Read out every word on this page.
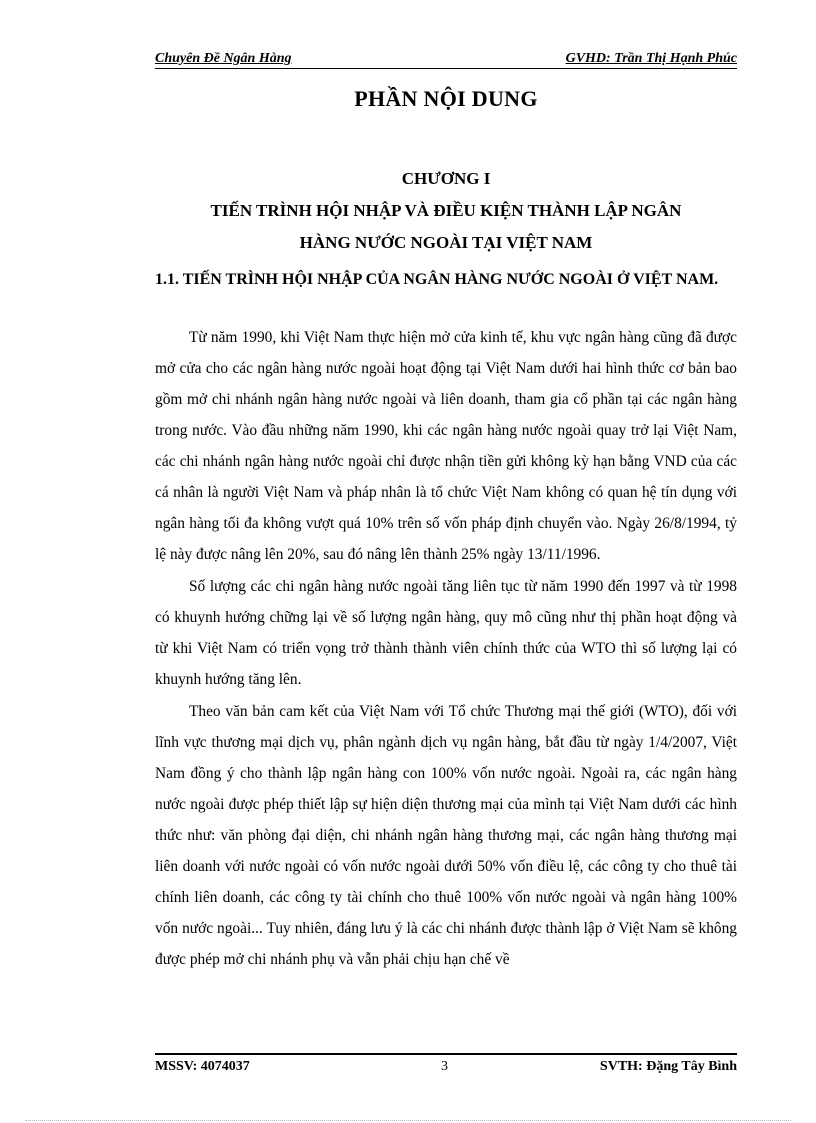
Chuyên Đề Ngân Hàng	GVHD: Trần Thị Hạnh Phúc
PHẦN NỘI DUNG
CHƯƠNG I
TIẾN TRÌNH HỘI NHẬP VÀ ĐIỀU KIỆN THÀNH LẬP NGÂN
HÀNG NƯỚC NGOÀI TẠI VIỆT NAM
1.1. TIẾN TRÌNH HỘI NHẬP CỦA NGÂN HÀNG NƯỚC NGOÀI Ở VIỆT NAM.

Từ năm 1990, khi Việt Nam thực hiện mở cửa kinh tế, khu vực ngân hàng cũng đã được mở cửa cho các ngân hàng nước ngoài hoạt động tại Việt Nam dưới hai hình thức cơ bản bao gồm mở chi nhánh ngân hàng nước ngoài và liên doanh, tham gia cổ phần tại các ngân hàng trong nước. Vào đầu những năm 1990, khi các ngân hàng nước ngoài quay trở lại Việt Nam, các chi nhánh ngân hàng nước ngoài chỉ được nhận tiền gửi không kỳ hạn bằng VND của các cá nhân là người Việt Nam và pháp nhân là tổ chức Việt Nam không có quan hệ tín dụng với ngân hàng tối đa không vượt quá 10% trên số vốn pháp định chuyển vào. Ngày 26/8/1994, tỷ lệ này được nâng lên 20%, sau đó nâng lên thành 25% ngày 13/11/1996.

Số lượng các chi ngân hàng nước ngoài tăng liên tục từ năm 1990 đến 1997 và từ 1998 có khuynh hướng chững lại về số lượng ngân hàng, quy mô cũng như thị phần hoạt động và từ khi Việt Nam có triển vọng trở thành thành viên chính thức của WTO thì số lượng lại có khuynh hướng tăng lên.

Theo văn bản cam kết của Việt Nam với Tổ chức Thương mại thế giới (WTO), đối với lĩnh vực thương mại dịch vụ, phân ngành dịch vụ ngân hàng, bắt đầu từ ngày 1/4/2007, Việt Nam đồng ý cho thành lập ngân hàng con 100% vốn nước ngoài. Ngoài ra, các ngân hàng nước ngoài được phép thiết lập sự hiện diện thương mại của mình tại Việt Nam dưới các hình thức như: văn phòng đại diện, chi nhánh ngân hàng thương mại, các ngân hàng thương mại liên doanh với nước ngoài có vốn nước ngoài dưới 50% vốn điều lệ, các công ty cho thuê tài chính liên doanh, các công ty tài chính cho thuê 100% vốn nước ngoài và ngân hàng 100% vốn nước ngoài... Tuy nhiên, đáng lưu ý là các chi nhánh được thành lập ở Việt Nam sẽ không được phép mở chi nhánh phụ và vẫn phải chịu hạn chế về

MSSV: 4074037	3	SVTH: Đặng Tây Bình
